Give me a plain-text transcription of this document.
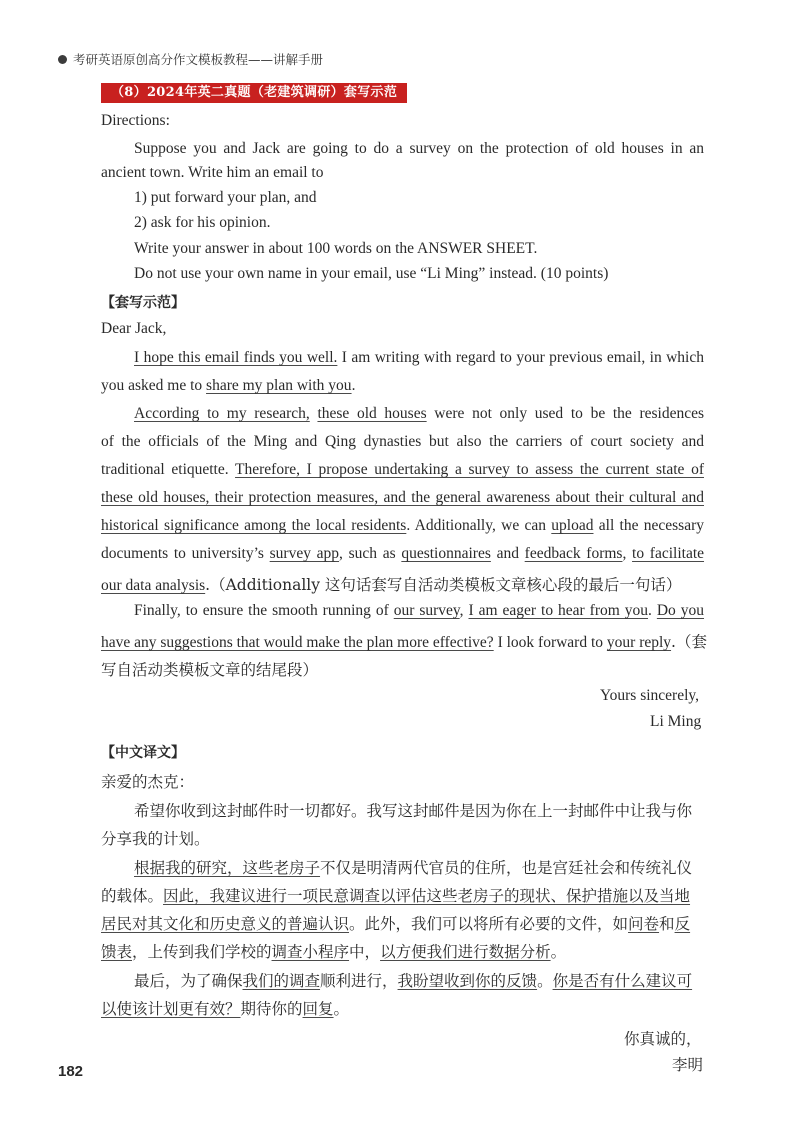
考研英语原创高分作文模板教程——讲解手册
（8）2024年英二真题（老建筑调研）套写示范
Directions:
Suppose you and Jack are going to do a survey on the protection of old houses in an
ancient town. Write him an email to
1) put forward your plan, and
2) ask for his opinion.
Write your answer in about 100 words on the ANSWER SHEET.
Do not use your own name in your email, use “Li Ming” instead. (10 points)
【套写示范】
Dear Jack,
I hope this email finds you well. I am writing with regard to your previous email, in which
you asked me to share my plan with you.
According to my research, these old houses were not only used to be the residences
of the officials of the Ming and Qing dynasties but also the carriers of court society and
traditional etiquette. Therefore, I propose undertaking a survey to assess the current state of
these old houses, their protection measures, and the general awareness about their cultural and
historical significance among the local residents. Additionally, we can upload all the necessary
documents to university’s survey app, such as questionnaires and feedback forms, to facilitate
our data analysis.（Additionally 这句话套写自活动类模板文章核心段的最后一句话）
Finally, to ensure the smooth running of our survey, I am eager to hear from you. Do you
have any suggestions that would make the plan more effective? I look forward to your reply.（套
写自活动类模板文章的结尾段）
Yours sincerely,
Li Ming
【中文译文】
亲爱的杰克：
希望你收到这封邮件时一切都好。我写这封邮件是因为你在上一封邮件中让我与你
分享我的计划。
根据我的研究，这些老房子不仅是明清两代官员的住所，也是宫廷社会和传统礼仪
的载体。因此，我建议进行一项民意调查以评估这些老房子的现状、保护措施以及当地
居民对其文化和历史意义的普遍认识。此外，我们可以将所有必要的文件，如问卷和反
馈表，上传到我们学校的调查小程序中，以方便我们进行数据分析。
最后，为了确保我们的调查顺利进行，我盼望收到你的反馈。你是否有什么建议可
以使该计划更有效？期待你的回复。
你真诚的，
李明
182
